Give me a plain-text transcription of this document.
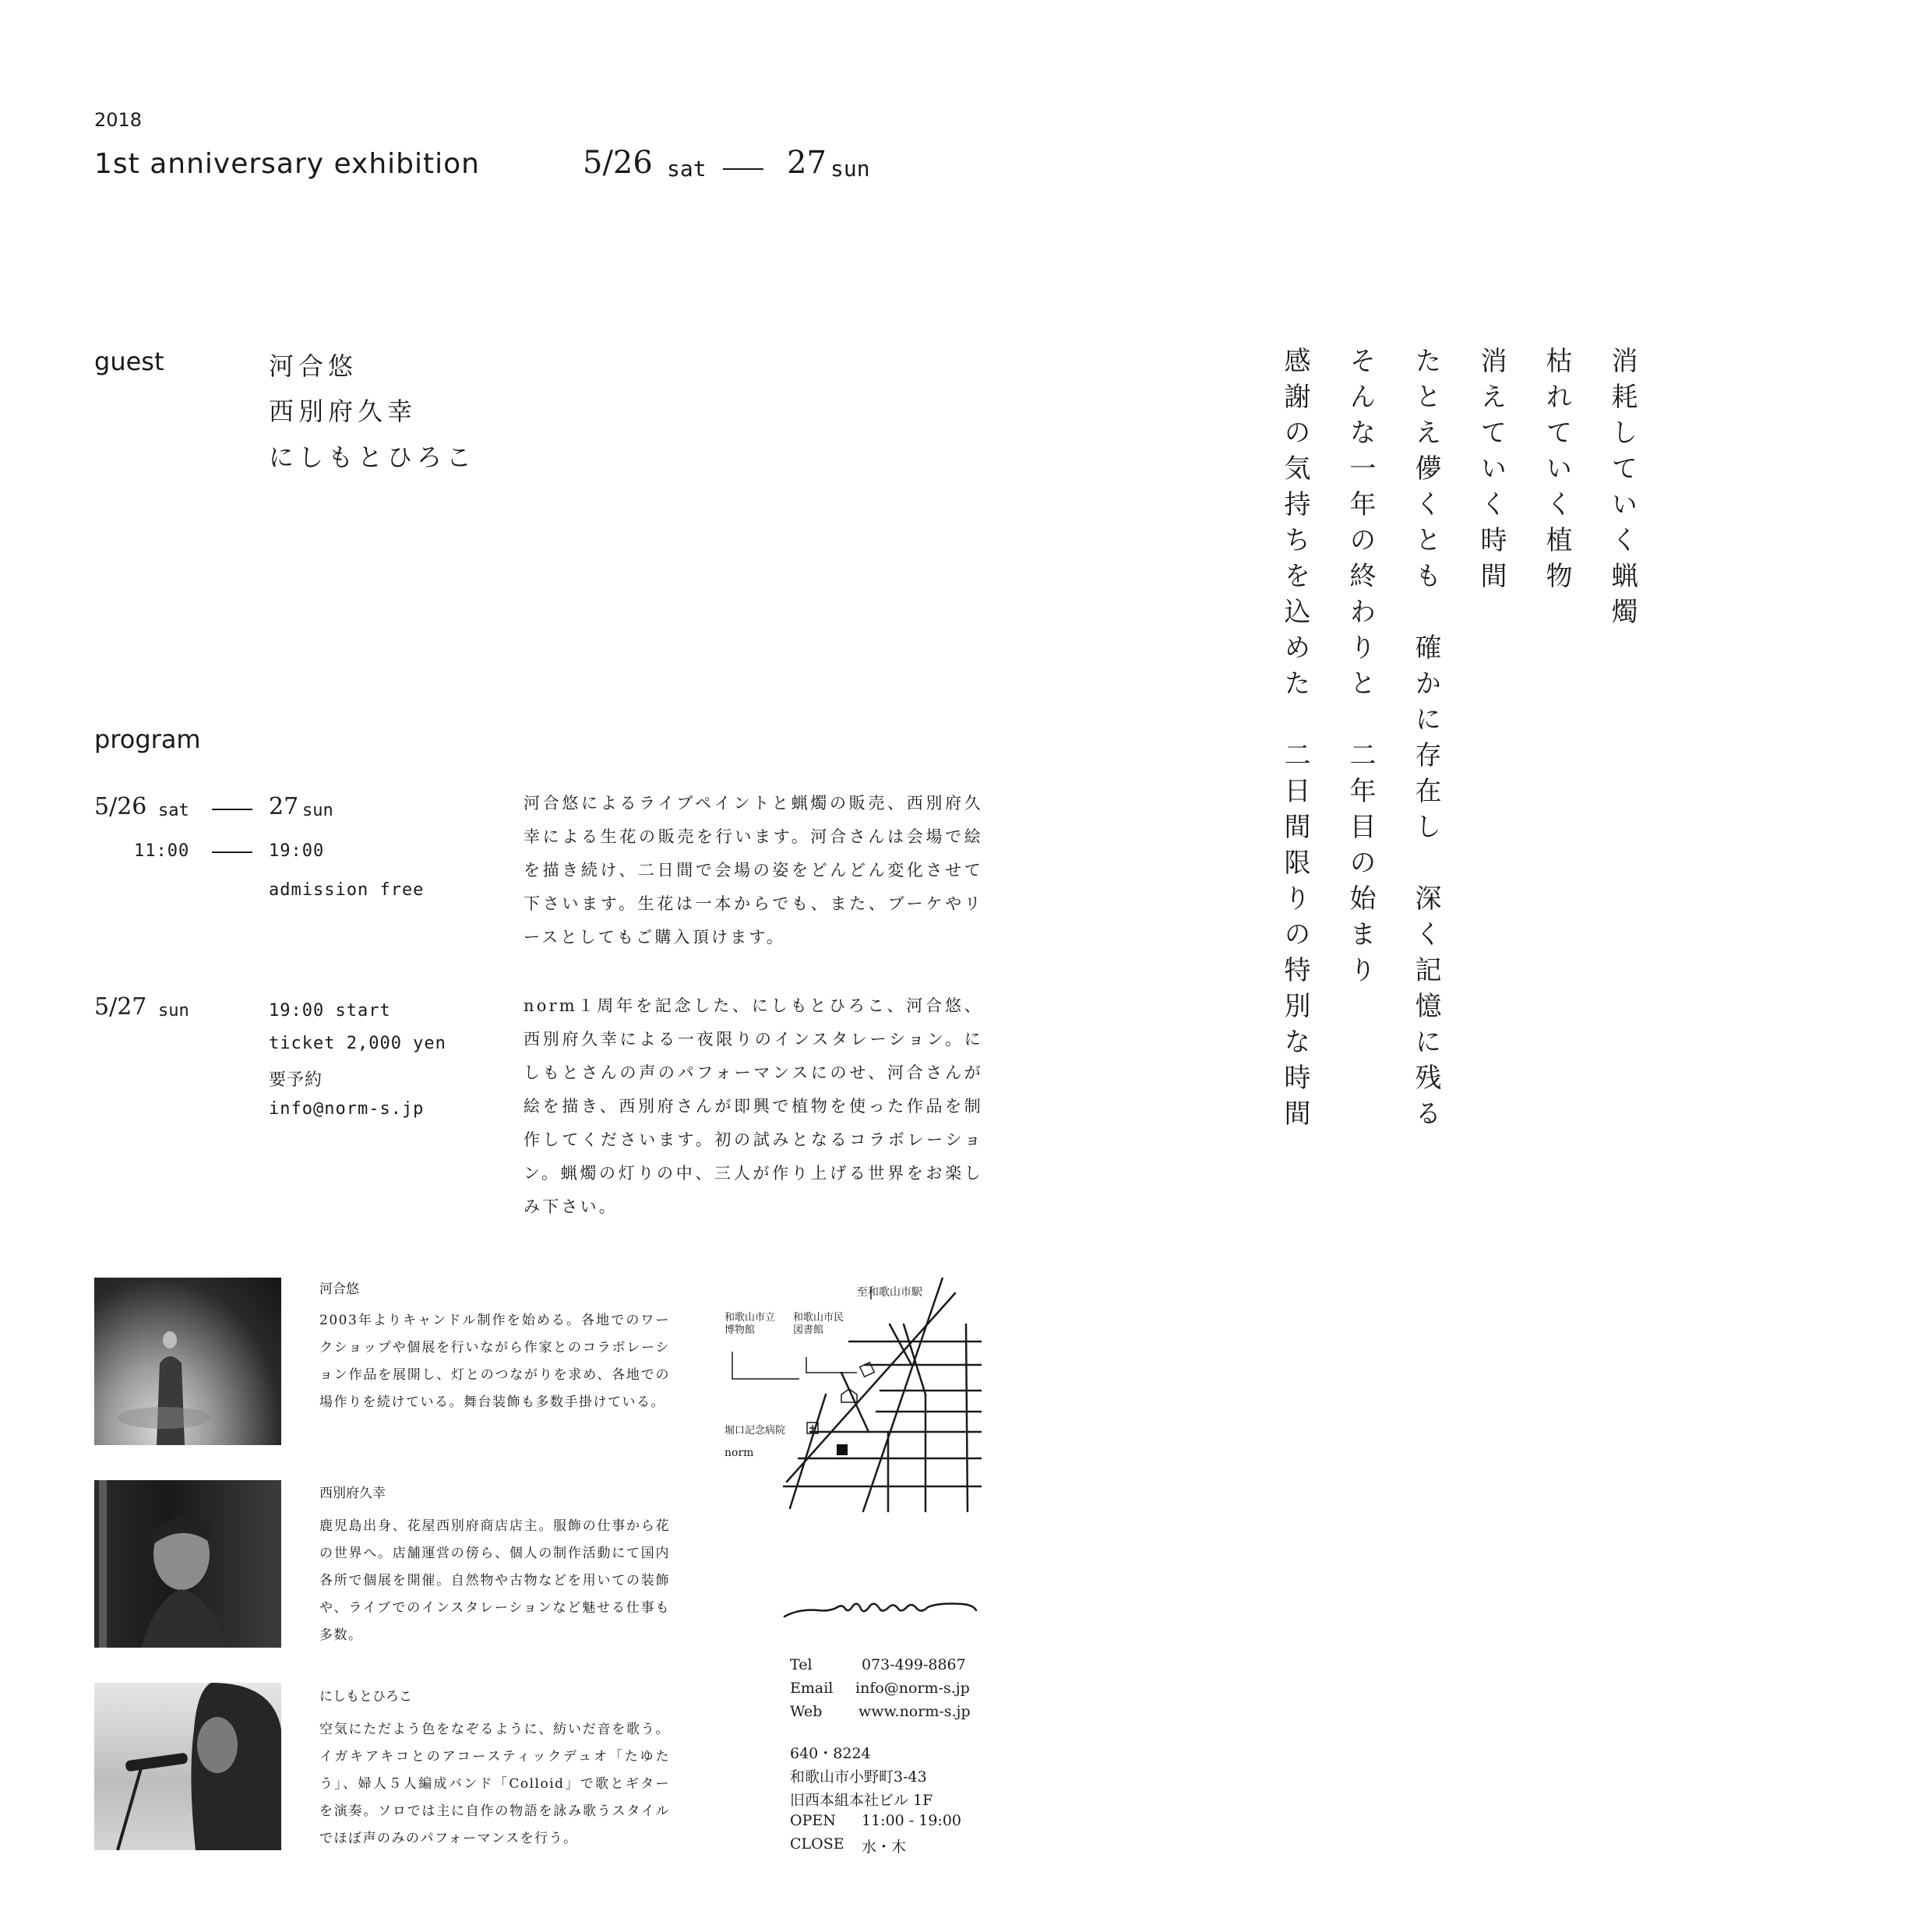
2018
1st anniversary exhibition	5/26 sat	27 sun
guest	河合悠
西別府久幸
にしもとひろこ
program
5/26 sat	27 sun
11:00	19:00
admission free
河合悠によるライブペイントと蝋燭の販売、西別府久幸による生花の販売を行います。河合さんは会場で絵を描き続け、二日間で会場の姿をどんどん変化させて下さいます。生花は一本からでも、また、ブーケやリースとしてもご購入頂けます。
5/27 sun	19:00 start
ticket 2,000 yen
要予約
info@norm-s.jp
norm１周年を記念した、にしもとひろこ、河合悠、西別府久幸による一夜限りのインスタレーション。にしもとさんの声のパフォーマンスにのせ、河合さんが絵を描き、西別府さんが即興で植物を使った作品を制作してくださいます。初の試みとなるコラボレーション。蝋燭の灯りの中、三人が作り上げる世界をお楽しみ下さい。
消耗していく蝋燭
枯れていく植物
消えていく時間
たとえ儚くとも　確かに存在し　深く記憶に残る
そんな一年の終わりと　二年目の始まり
感謝の気持ちを込めた　二日間限りの特別な時間
河合悠
2003年よりキャンドル制作を始める。各地でのワークショップや個展を行いながら作家とのコラボレーション作品を展開し、灯とのつながりを求め、各地での場作りを続けている。舞台装飾も多数手掛けている。
西別府久幸
鹿児島出身、花屋西別府商店店主。服飾の仕事から花の世界へ。店舗運営の傍ら、個人の制作活動にて国内各所で個展を開催。自然物や古物などを用いての装飾や、ライブでのインスタレーションなど魅せる仕事も多数。
にしもとひろこ
空気にただよう色をなぞるように、紡いだ音を歌う。イガキアキコとのアコースティックデュオ「たゆたう」、婦人５人編成バンド「Colloid」で歌とギターを演奏。ソロでは主に自作の物語を詠み歌うスタイルでほぼ声のみのパフォーマンスを行う。
至和歌山市駅
和歌山市立
博物館
和歌山市民
図書館
堀口記念病院
norm
Tel	073-499-8867
Email info@norm-s.jp
Web www.norm-s.jp
640・8224
和歌山市小野町3-43
旧西本組本社ビル 1F
OPEN 11:00 - 19:00
CLOSE 水・木
